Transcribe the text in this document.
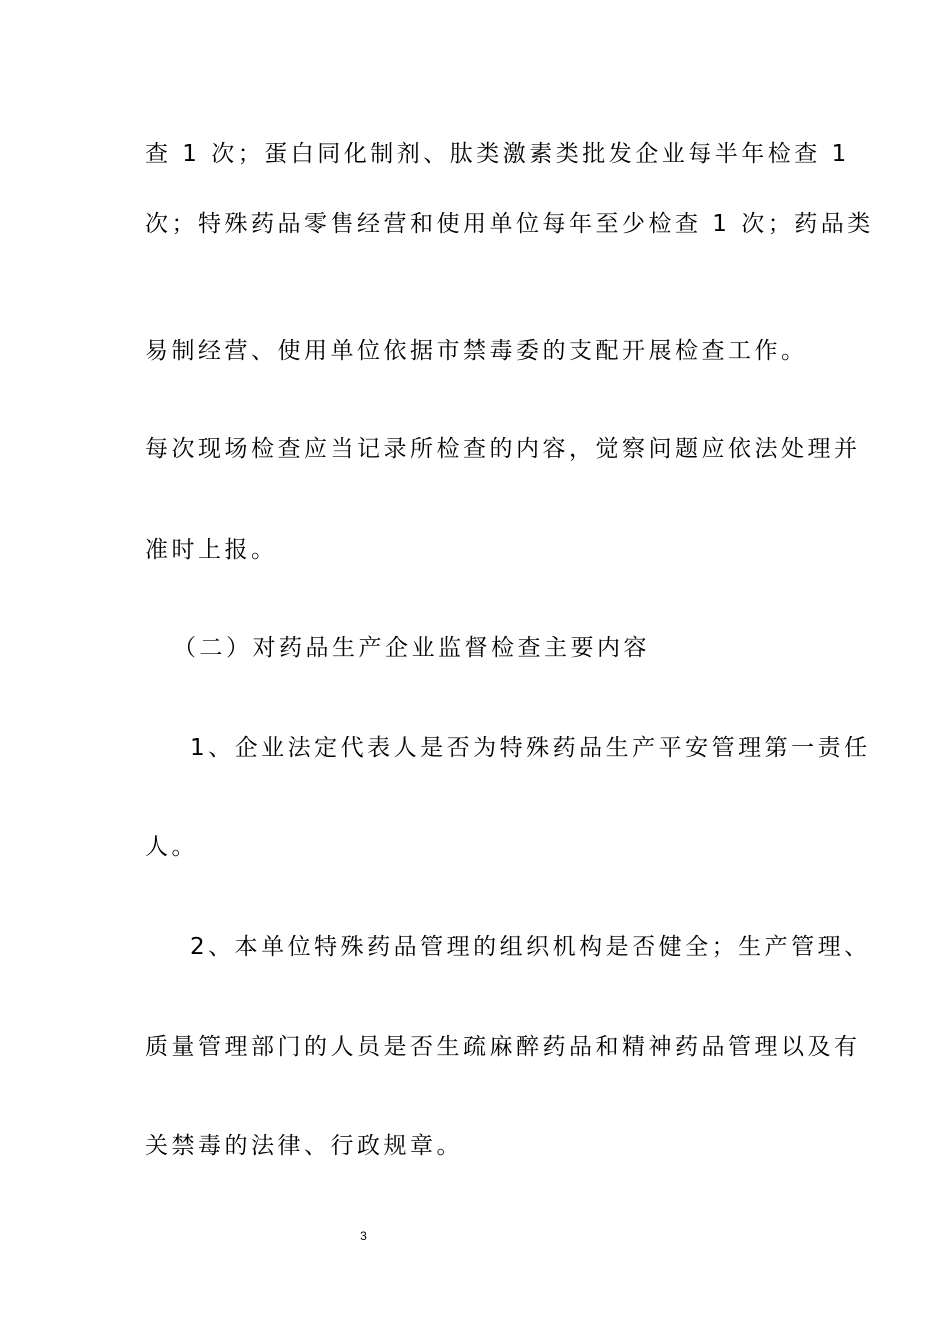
查 1 次；蛋白同化制剂、肽类激素类批发企业每半年检查 1
次；特殊药品零售经营和使用单位每年至少检查 1 次；药品类
易制经营、使用单位依据市禁毒委的支配开展检查工作。
每次现场检查应当记录所检查的内容，觉察问题应依法处理并
准时上报。
（二）对药品生产企业监督检查主要内容
1、企业法定代表人是否为特殊药品生产平安管理第一责任
人。
2、本单位特殊药品管理的组织机构是否健全；生产管理、
质量管理部门的人员是否生疏麻醉药品和精神药品管理以及有
关禁毒的法律、行政规章。
3
